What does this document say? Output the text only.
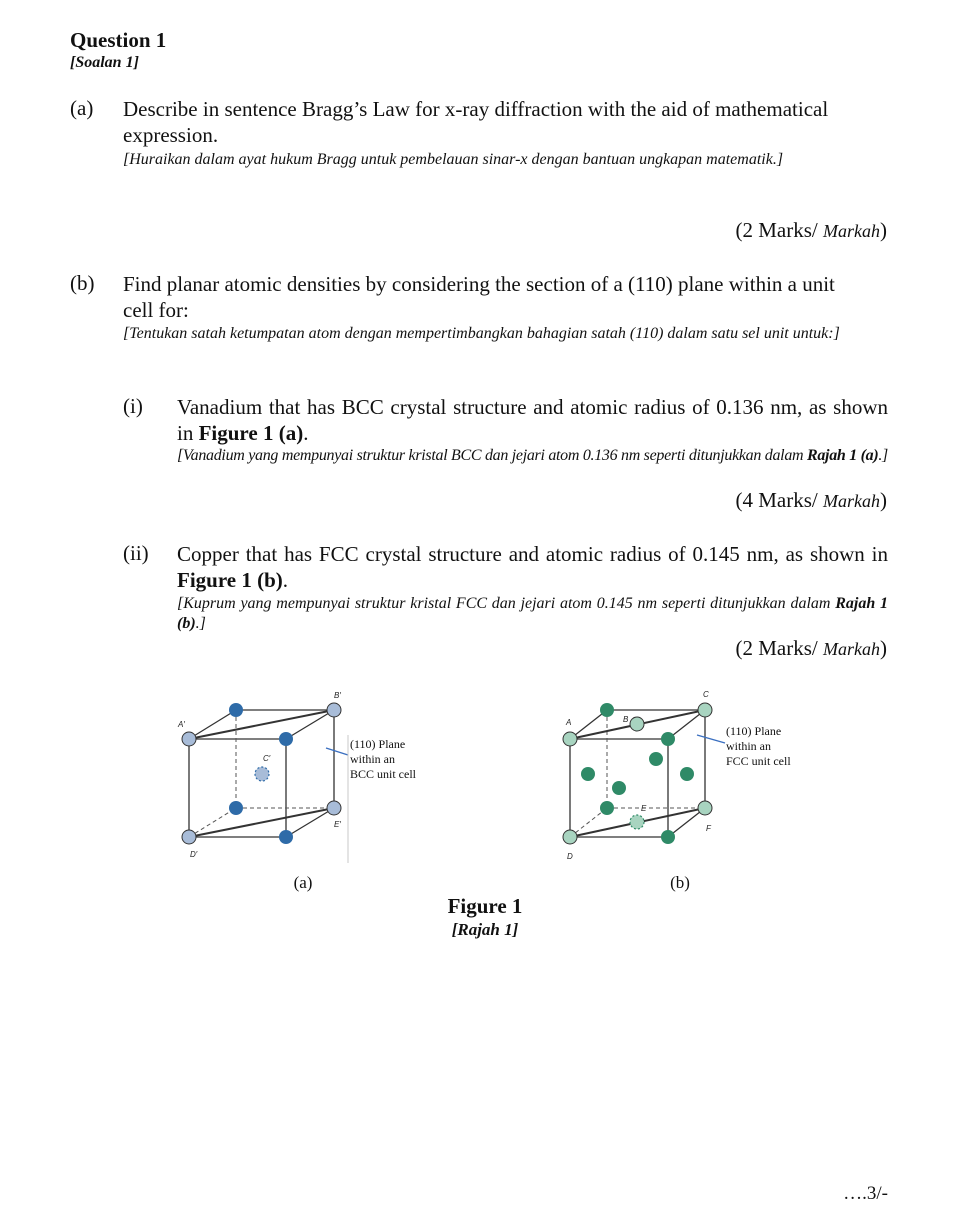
Question 1
[Soalan 1]
(a) Describe in sentence Bragg’s Law for x-ray diffraction with the aid of mathematical
expression.
[Huraikan dalam ayat hukum Bragg untuk pembelauan sinar-x dengan bantuan ungkapan matematik.]
(2 Marks/ Markah)
(b) Find planar atomic densities by considering the section of a (110) plane within a unit
cell for:
[Tentukan satah ketumpatan atom dengan mempertimbangkan bahagian satah (110) dalam satu sel unit untuk:]
(i) Vanadium that has BCC crystal structure and atomic radius of 0.136 nm, as shown in Figure 1 (a).
[Vanadium yang mempunyai struktur kristal BCC dan jejari atom 0.136 nm seperti ditunjukkan dalam Rajah 1 (a).]
(4 Marks/ Markah)
(ii) Copper that has FCC crystal structure and atomic radius of 0.145 nm, as shown in Figure 1 (b).
[Kuprum yang mempunyai struktur kristal FCC dan jejari atom 0.145 nm seperti ditunjukkan dalam Rajah 1 (b).]
(2 Marks/ Markah)
A′
B′
C′
D′
E′
(110) Plane
within an
BCC unit cell
(a)
A	B
C
D
E
F
(110) Plane
within an
FCC unit cell
(b)
Figure 1
[Rajah 1]
….3/-
